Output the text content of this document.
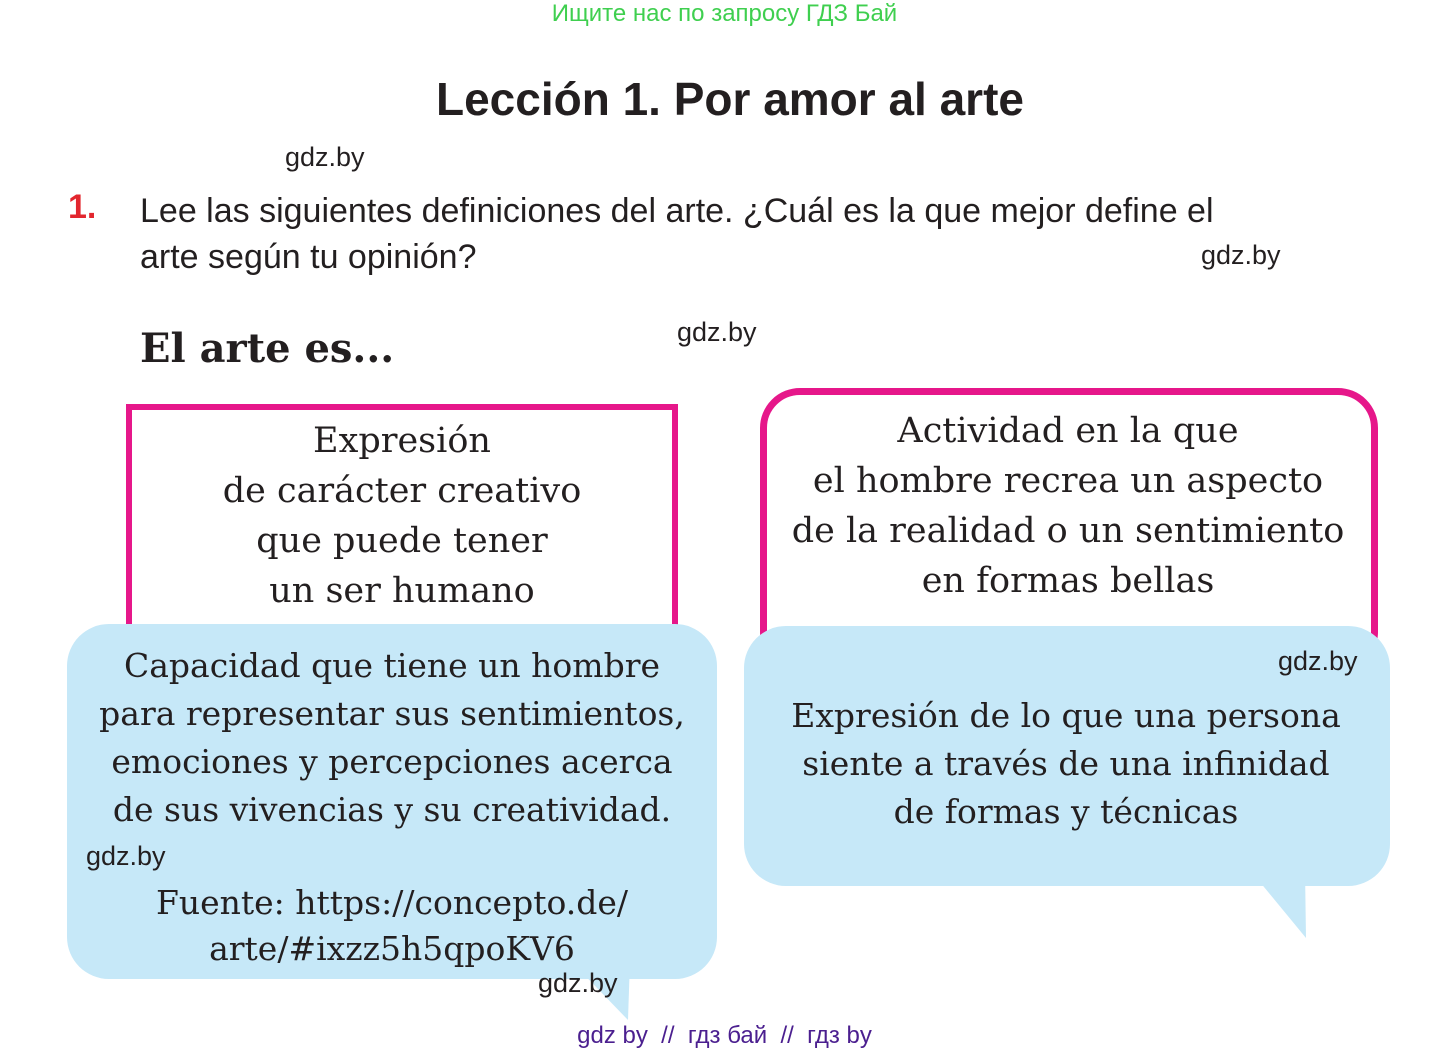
Ищите нас по запросу ГДЗ Бай
Lección 1. Por amor al arte
gdz.by
1. Lee las siguientes definiciones del arte. ¿Cuál es la que mejor define el
arte según tu opinión?	gdz.by
El arte es...	gdz.by
Expresión
de carácter creativo
que puede tener
un ser humano
Actividad en la que
el hombre recrea un aspecto
de la realidad o un sentimiento
en formas bellas
Capacidad que tiene un hombre
para representar sus sentimientos,
emociones y percepciones acerca
de sus vivencias y su creatividad.
gdz.by
Fuente: https://concepto.de/
arte/#ixzz5h5qpoKV6
gdz.by
gdz.by
Expresión de lo que una persona
siente a través de una infinidad
de formas y técnicas
gdz by  //  гдз бай  //  гдз by
